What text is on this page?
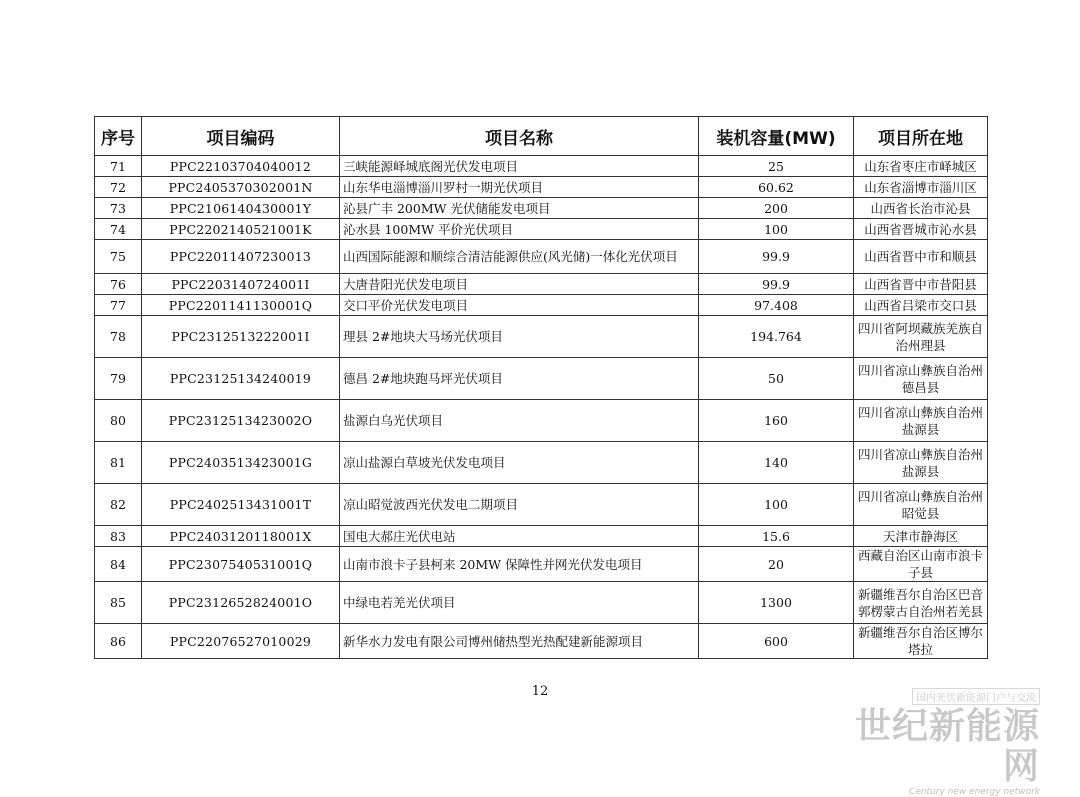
序号	项目编码	项目名称	装机容量(MW)	项目所在地
71	PPC22103704040012	三峡能源峄城底阁光伏发电项目	25	山东省枣庄市峄城区
72	PPC2405370302001N	山东华电淄博淄川罗村一期光伏项目	60.62	山东省淄博市淄川区
73	PPC2106140430001Y	沁县广丰 200MW 光伏储能发电项目	200	山西省长治市沁县
74	PPC2202140521001K	沁水县 100MW 平价光伏项目	100	山西省晋城市沁水县
75	PPC22011407230013	山西国际能源和顺综合清洁能源供应(风光储)一体化光伏项目	99.9	山西省晋中市和顺县
76	PPC2203140724001I	大唐昔阳光伏发电项目	99.9	山西省晋中市昔阳县
77	PPC2201141130001Q	交口平价光伏发电项目	97.408	山西省吕梁市交口县
78	PPC2312513222001I	理县 2#地块大马场光伏项目	194.764	四川省阿坝藏族羌族自治州理县
79	PPC23125134240019	德昌 2#地块跑马坪光伏项目	50	四川省凉山彝族自治州德昌县
80	PPC2312513423002O	盐源白乌光伏项目	160	四川省凉山彝族自治州盐源县
81	PPC2403513423001G	凉山盐源白草坡光伏发电项目	140	四川省凉山彝族自治州盐源县
82	PPC2402513431001T	凉山昭觉波西光伏发电二期项目	100	四川省凉山彝族自治州昭觉县
83	PPC2403120118001X	国电大郝庄光伏电站	15.6	天津市静海区
84	PPC2307540531001Q	山南市浪卡子县柯来 20MW 保障性并网光伏发电项目	20	西藏自治区山南市浪卡子县
85	PPC2312652824001O	中绿电若羌光伏项目	1300	新疆维吾尔自治区巴音郭楞蒙古自治州若羌县
86	PPC22076527010029	新华水力发电有限公司博州储热型光热配建新能源项目	600	新疆维吾尔自治区博尔塔拉
12	国内光伏新能源门户与交流
世纪新能源网
Century new energy network
